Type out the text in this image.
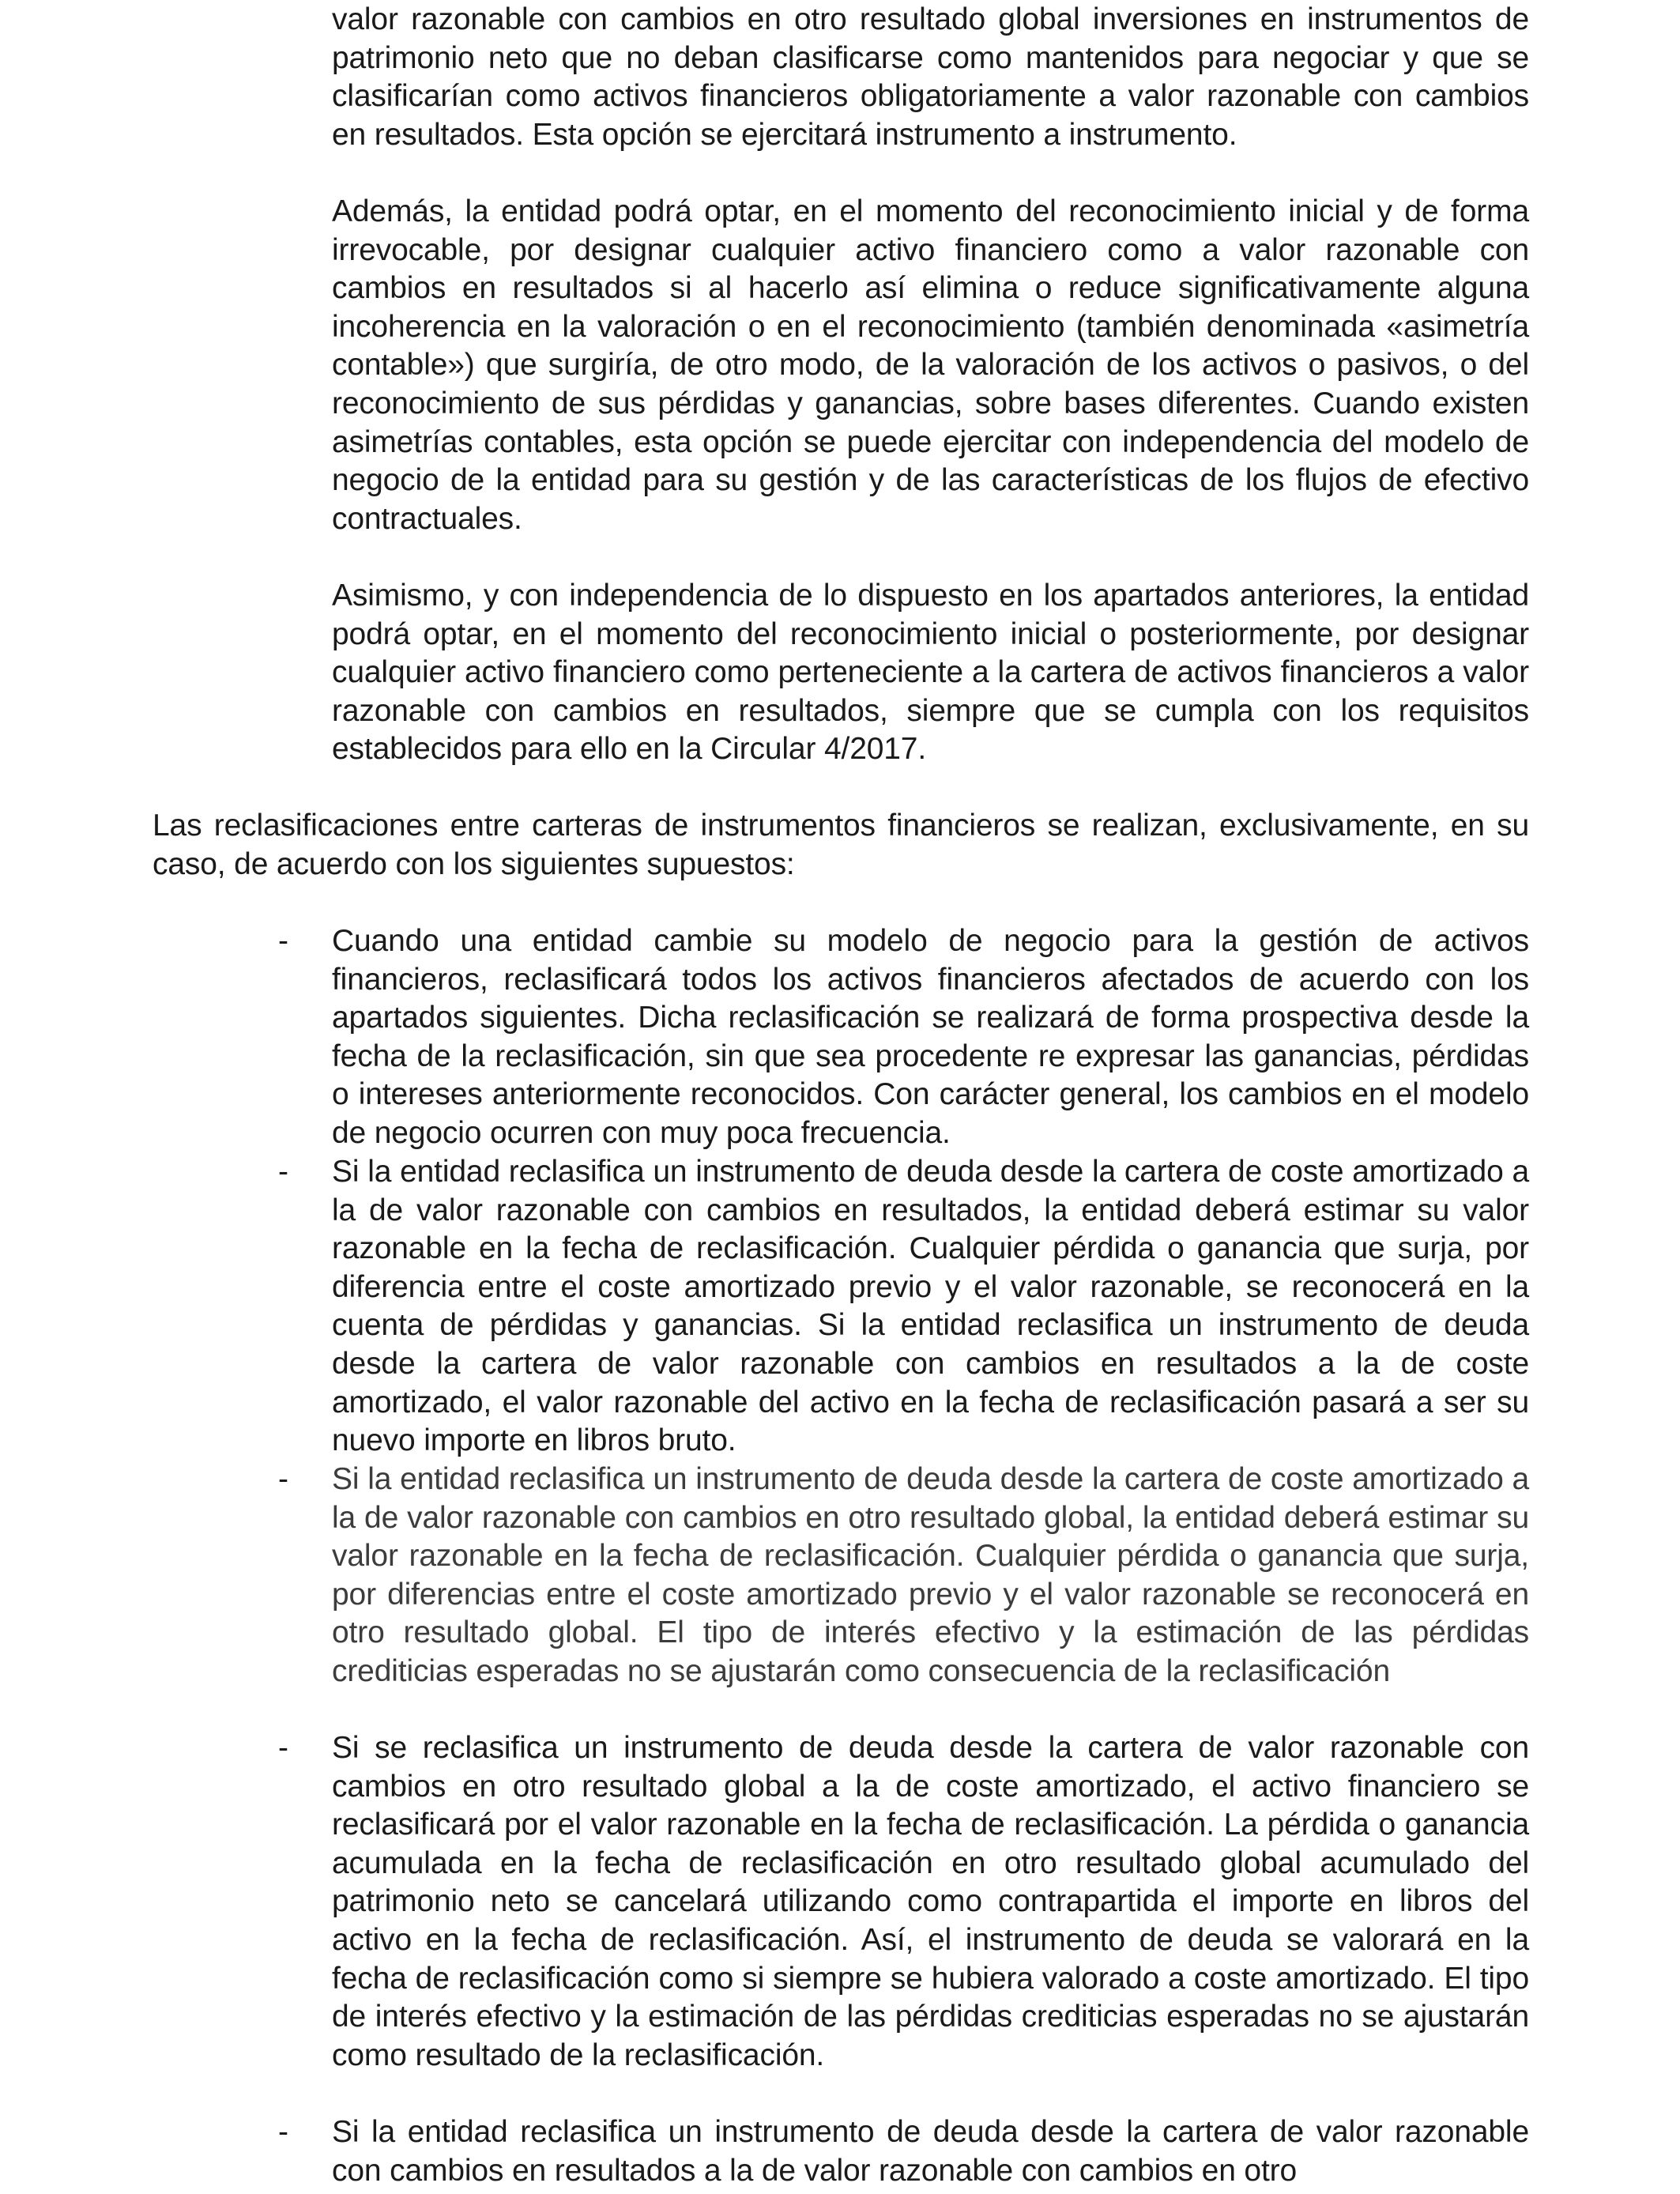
valor razonable con cambios en otro resultado global inversiones en instrumentos de patrimonio neto que no deban clasificarse como mantenidos para negociar y que se clasificarían como activos financieros obligatoriamente a valor razonable con cambios en resultados. Esta opción se ejercitará instrumento a instrumento.

Además, la entidad podrá optar, en el momento del reconocimiento inicial y de forma irrevocable, por designar cualquier activo financiero como a valor razonable con cambios en resultados si al hacerlo así elimina o reduce significativamente alguna incoherencia en la valoración o en el reconocimiento (también denominada «asimetría contable») que surgiría, de otro modo, de la valoración de los activos o pasivos, o del reconocimiento de sus pérdidas y ganancias, sobre bases diferentes. Cuando existen asimetrías contables, esta opción se puede ejercitar con independencia del modelo de negocio de la entidad para su gestión y de las características de los flujos de efectivo contractuales.

Asimismo, y con independencia de lo dispuesto en los apartados anteriores, la entidad podrá optar, en el momento del reconocimiento inicial o posteriormente, por designar cualquier activo financiero como perteneciente a la cartera de activos financieros a valor razonable con cambios en resultados, siempre que se cumpla con los requisitos establecidos para ello en la Circular 4/2017.

Las reclasificaciones entre carteras de instrumentos financieros se realizan, exclusivamente, en su caso, de acuerdo con los siguientes supuestos:

- Cuando una entidad cambie su modelo de negocio para la gestión de activos financieros, reclasificará todos los activos financieros afectados de acuerdo con los apartados siguientes. Dicha reclasificación se realizará de forma prospectiva desde la fecha de la reclasificación, sin que sea procedente re expresar las ganancias, pérdidas o intereses anteriormente reconocidos. Con carácter general, los cambios en el modelo de negocio ocurren con muy poca frecuencia.

- Si la entidad reclasifica un instrumento de deuda desde la cartera de coste amortizado a la de valor razonable con cambios en resultados, la entidad deberá estimar su valor razonable en la fecha de reclasificación. Cualquier pérdida o ganancia que surja, por diferencia entre el coste amortizado previo y el valor razonable, se reconocerá en la cuenta de pérdidas y ganancias. Si la entidad reclasifica un instrumento de deuda desde la cartera de valor razonable con cambios en resultados a la de coste amortizado, el valor razonable del activo en la fecha de reclasificación pasará a ser su nuevo importe en libros bruto.

- Si la entidad reclasifica un instrumento de deuda desde la cartera de coste amortizado a la de valor razonable con cambios en otro resultado global, la entidad deberá estimar su valor razonable en la fecha de reclasificación. Cualquier pérdida o ganancia que surja, por diferencias entre el coste amortizado previo y el valor razonable se reconocerá en otro resultado global. El tipo de interés efectivo y la estimación de las pérdidas crediticias esperadas no se ajustarán como consecuencia de la reclasificación

- Si se reclasifica un instrumento de deuda desde la cartera de valor razonable con cambios en otro resultado global a la de coste amortizado, el activo financiero se reclasificará por el valor razonable en la fecha de reclasificación. La pérdida o ganancia acumulada en la fecha de reclasificación en otro resultado global acumulado del patrimonio neto se cancelará utilizando como contrapartida el importe en libros del activo en la fecha de reclasificación. Así, el instrumento de deuda se valorará en la fecha de reclasificación como si siempre se hubiera valorado a coste amortizado. El tipo de interés efectivo y la estimación de las pérdidas crediticias esperadas no se ajustarán como resultado de la reclasificación.

- Si la entidad reclasifica un instrumento de deuda desde la cartera de valor razonable con cambios en resultados a la de valor razonable con cambios en otro
